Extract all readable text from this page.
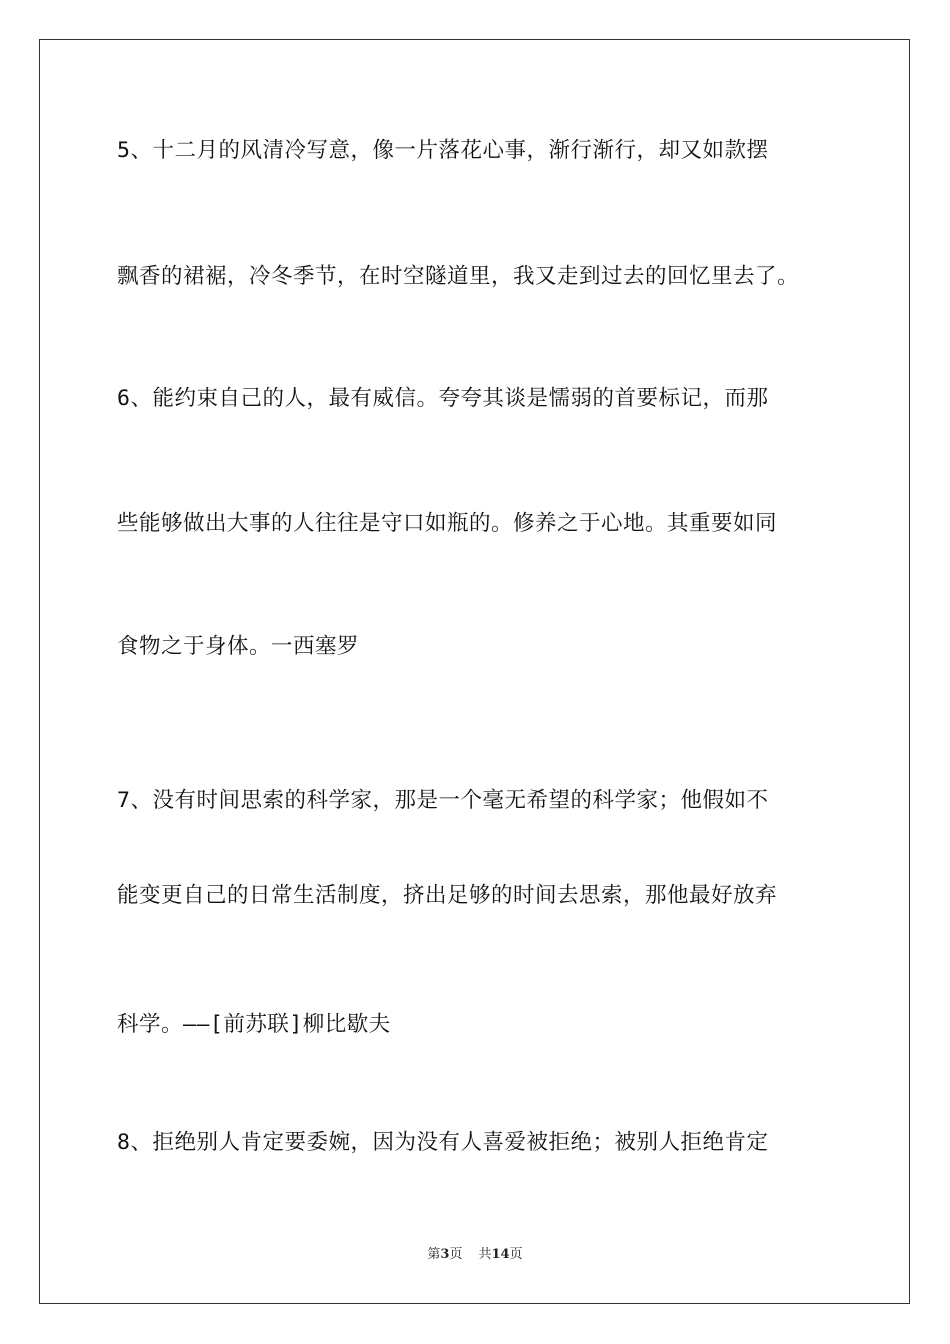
5、十二月的风清冷写意，像一片落花心事，渐行渐行，却又如款摆
飘香的裙裾，冷冬季节，在时空隧道里，我又走到过去的回忆里去了。
6、能约束自己的人，最有威信。夸夸其谈是懦弱的首要标记，而那
些能够做出大事的人往往是守口如瓶的。修养之于心地。其重要如同
食物之于身体。一西塞罗
7、没有时间思索的科学家，那是一个毫无希望的科学家；他假如不
能变更自己的日常生活制度，挤出足够的时间去思索，那他最好放弃
科学。——[前苏联]柳比歇夫
8、拒绝别人肯定要委婉，因为没有人喜爱被拒绝；被别人拒绝肯定
第3页 共14页
